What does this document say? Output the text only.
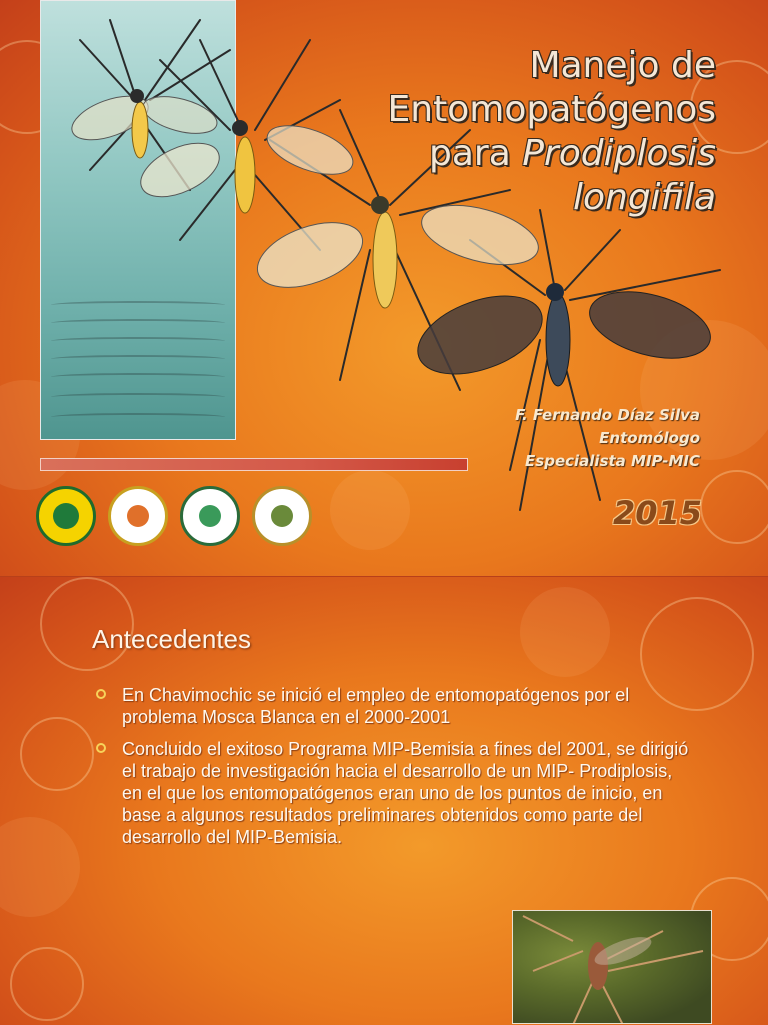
Manejo de
Entomopatógenos
para Prodiplosis
longifila
F. Fernando Díaz Silva
Entomólogo
Especialista MIP-MIC
2015
Antecedentes
En Chavimochic se inició el empleo de entomopatógenos por el problema Mosca Blanca en el 2000-2001
Concluido el exitoso Programa MIP-Bemisia a fines del 2001, se dirigió el trabajo de investigación hacia el desarrollo de un MIP- Prodiplosis, en el que los entomopatógenos eran uno de los puntos de inicio, en base a algunos resultados preliminares obtenidos como parte del desarrollo del MIP-Bemisia.
